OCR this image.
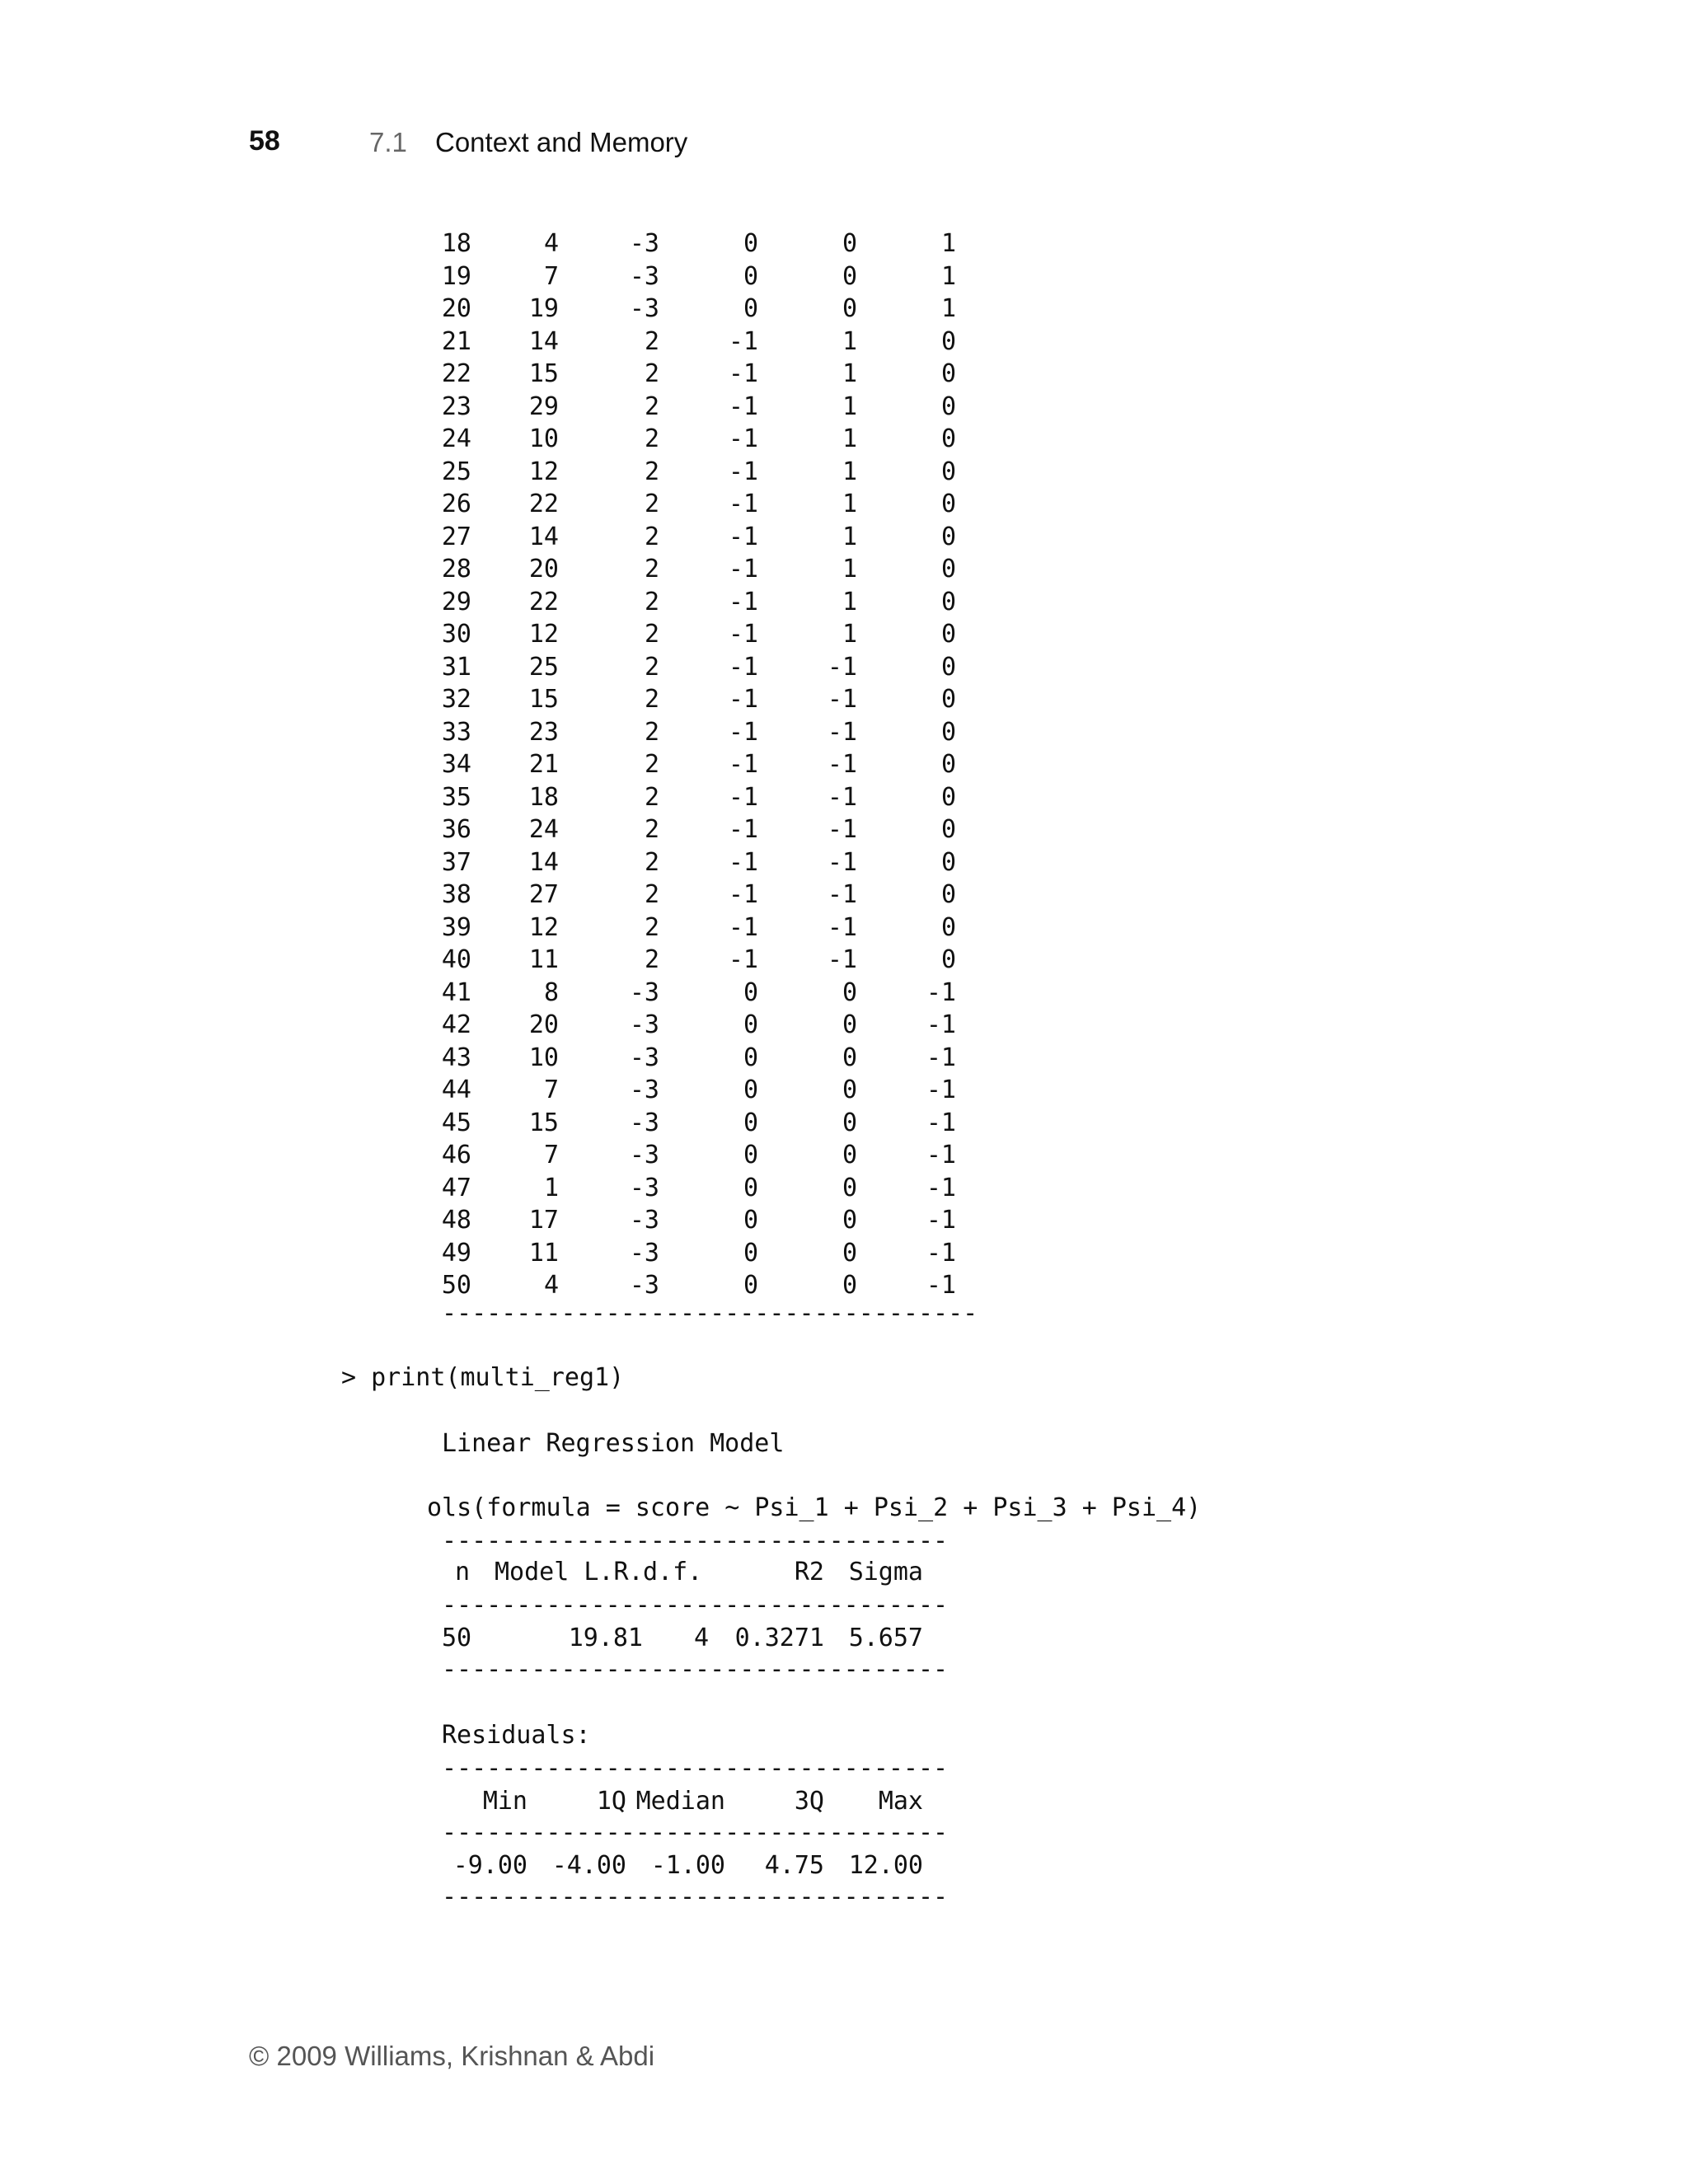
58	7.1 Context and Memory
18	4	-3	0	0	1
19	7	-3	0	0	1
20	19	-3	0	0	1
21	14	2	-1	1	0
22	15	2	-1	1	0
23	29	2	-1	1	0
24	10	2	-1	1	0
25	12	2	-1	1	0
26	22	2	-1	1	0
27	14	2	-1	1	0
28	20	2	-1	1	0
29	22	2	-1	1	0
30	12	2	-1	1	0
31	25	2	-1	-1	0
32	15	2	-1	-1	0
33	23	2	-1	-1	0
34	21	2	-1	-1	0
35	18	2	-1	-1	0
36	24	2	-1	-1	0
37	14	2	-1	-1	0
38	27	2	-1	-1	0
39	12	2	-1	-1	0
40	11	2	-1	-1	0
41	8	-3	0	0	-1
42	20	-3	0	0	-1
43	10	-3	0	0	-1
44	7	-3	0	0	-1
45	15	-3	0	0	-1
46	7	-3	0	0	-1
47	1	-3	0	0	-1
48	17	-3	0	0	-1
49	11	-3	0	0	-1
50	4	-3	0	0	-1
------------------------------------
> print(multi_reg1)
Linear Regression Model
ols(formula = score ~ Psi_1 + Psi_2 + Psi_3 + Psi_4)
----------------------------------
n Model L.R. d.f.	R2 Sigma
----------------------------------
50	19.81	4	0.3271 5.657
----------------------------------
Residuals:
----------------------------------
Min	1Q Median	3Q	Max
----------------------------------
-9.00 -4.00 -1.00	4.75 12.00
----------------------------------
© 2009 Williams, Krishnan & Abdi
